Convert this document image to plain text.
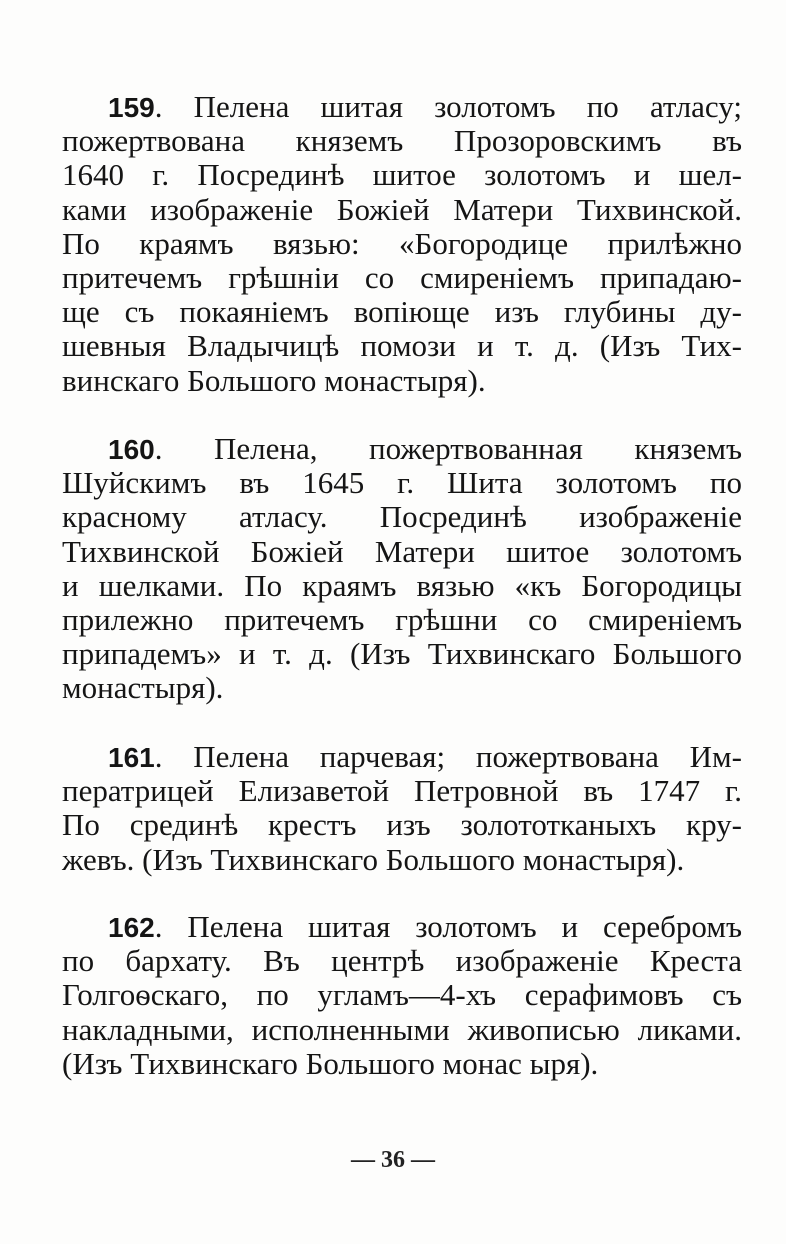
159. Пелена шитая золотомъ по атласу;
пожертвована княземъ Прозоровскимъ въ
1640 г. Посрединѣ шитое золотомъ и шел-
ками изображеніе Божіей Матери Тихвинской.
По краямъ вязью: «Богородице прилѣжно
притечемъ грѣшніи со смиреніемъ припадаю-
ще съ покаяніемъ вопіюще изъ глубины ду-
шевныя Владычицѣ помози и т. д. (Изъ Тих-
винскаго Большого монастыря).
160. Пелена, пожертвованная княземъ
Шуйскимъ въ 1645 г. Шита золотомъ по
красному атласу. Посрединѣ изображеніе
Тихвинской Божіей Матери шитое золотомъ
и шелками. По краямъ вязью «къ Богородицы
прилежно притечемъ грѣшни со смиреніемъ
припадемъ» и т. д. (Изъ Тихвинскаго Большого
монастыря).
161. Пелена парчевая; пожертвована Им-
ператрицей Елизаветой Петровной въ 1747 г.
По срединѣ крестъ изъ золототканыхъ кру-
жевъ. (Изъ Тихвинскаго Большого монастыря).
162. Пелена шитая золотомъ и серебромъ
по бархату. Въ центрѣ изображеніе Креста
Голгоѳскаго, по угламъ—4-хъ серафимовъ съ
накладными, исполненными живописью ликами.
(Изъ Тихвинскаго Большого монас ыря).
— 36 —
